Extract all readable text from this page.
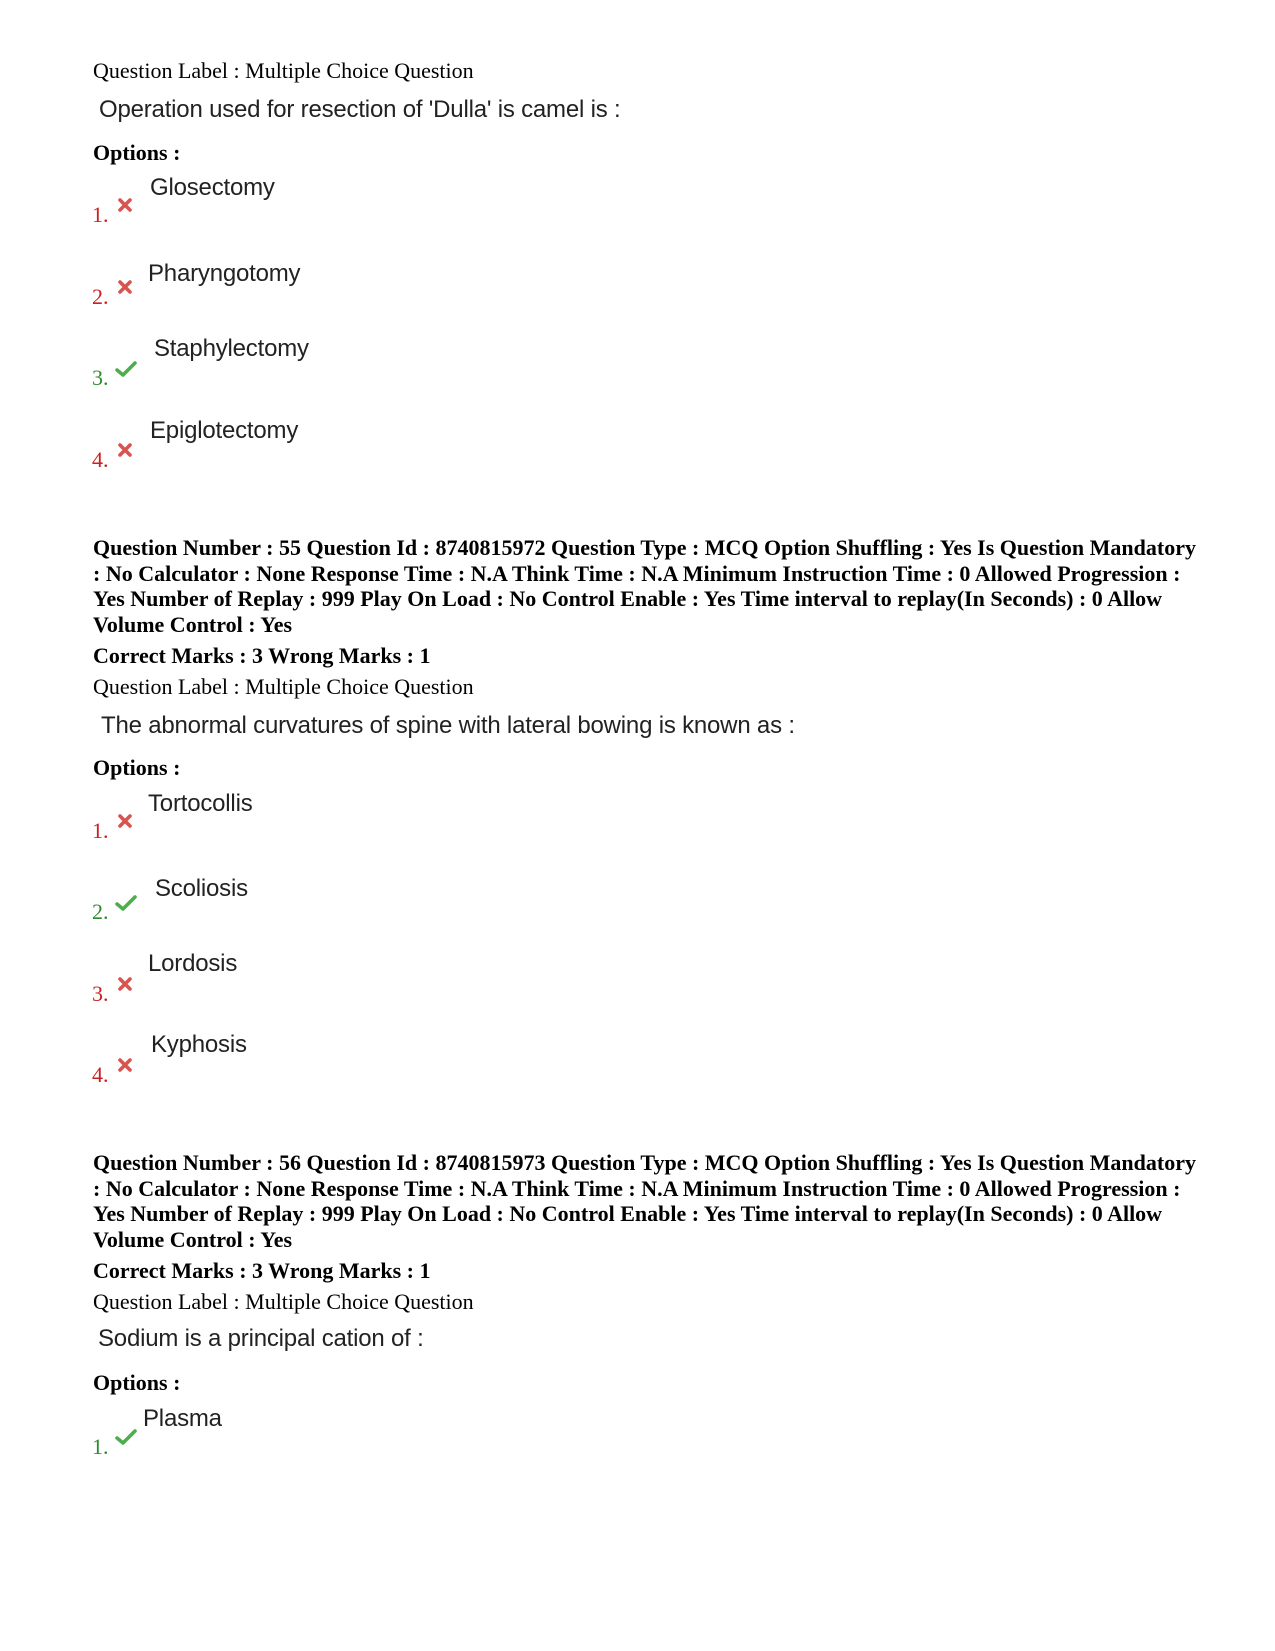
Question Label : Multiple Choice Question
Operation used for resection of 'Dulla' is camel is :
Options :
1.
Glosectomy
2.
Pharyngotomy
3.
Staphylectomy
4.
Epiglotectomy
Question Number : 55 Question Id : 8740815972 Question Type : MCQ Option Shuffling : Yes Is Question Mandatory : No Calculator : None Response Time : N.A Think Time : N.A Minimum Instruction Time : 0 Allowed Progression : Yes Number of Replay : 999 Play On Load : No Control Enable : Yes Time interval to replay(In Seconds) : 0 Allow Volume Control : Yes
Correct Marks : 3 Wrong Marks : 1
Question Label : Multiple Choice Question
The abnormal curvatures of spine with lateral bowing is known as :
Options :
1.
Tortocollis
2.
Scoliosis
3.
Lordosis
4.
Kyphosis
Question Number : 56 Question Id : 8740815973 Question Type : MCQ Option Shuffling : Yes Is Question Mandatory : No Calculator : None Response Time : N.A Think Time : N.A Minimum Instruction Time : 0 Allowed Progression : Yes Number of Replay : 999 Play On Load : No Control Enable : Yes Time interval to replay(In Seconds) : 0 Allow Volume Control : Yes
Correct Marks : 3 Wrong Marks : 1
Question Label : Multiple Choice Question
Sodium is a principal cation of :
Options :
1.
Plasma
